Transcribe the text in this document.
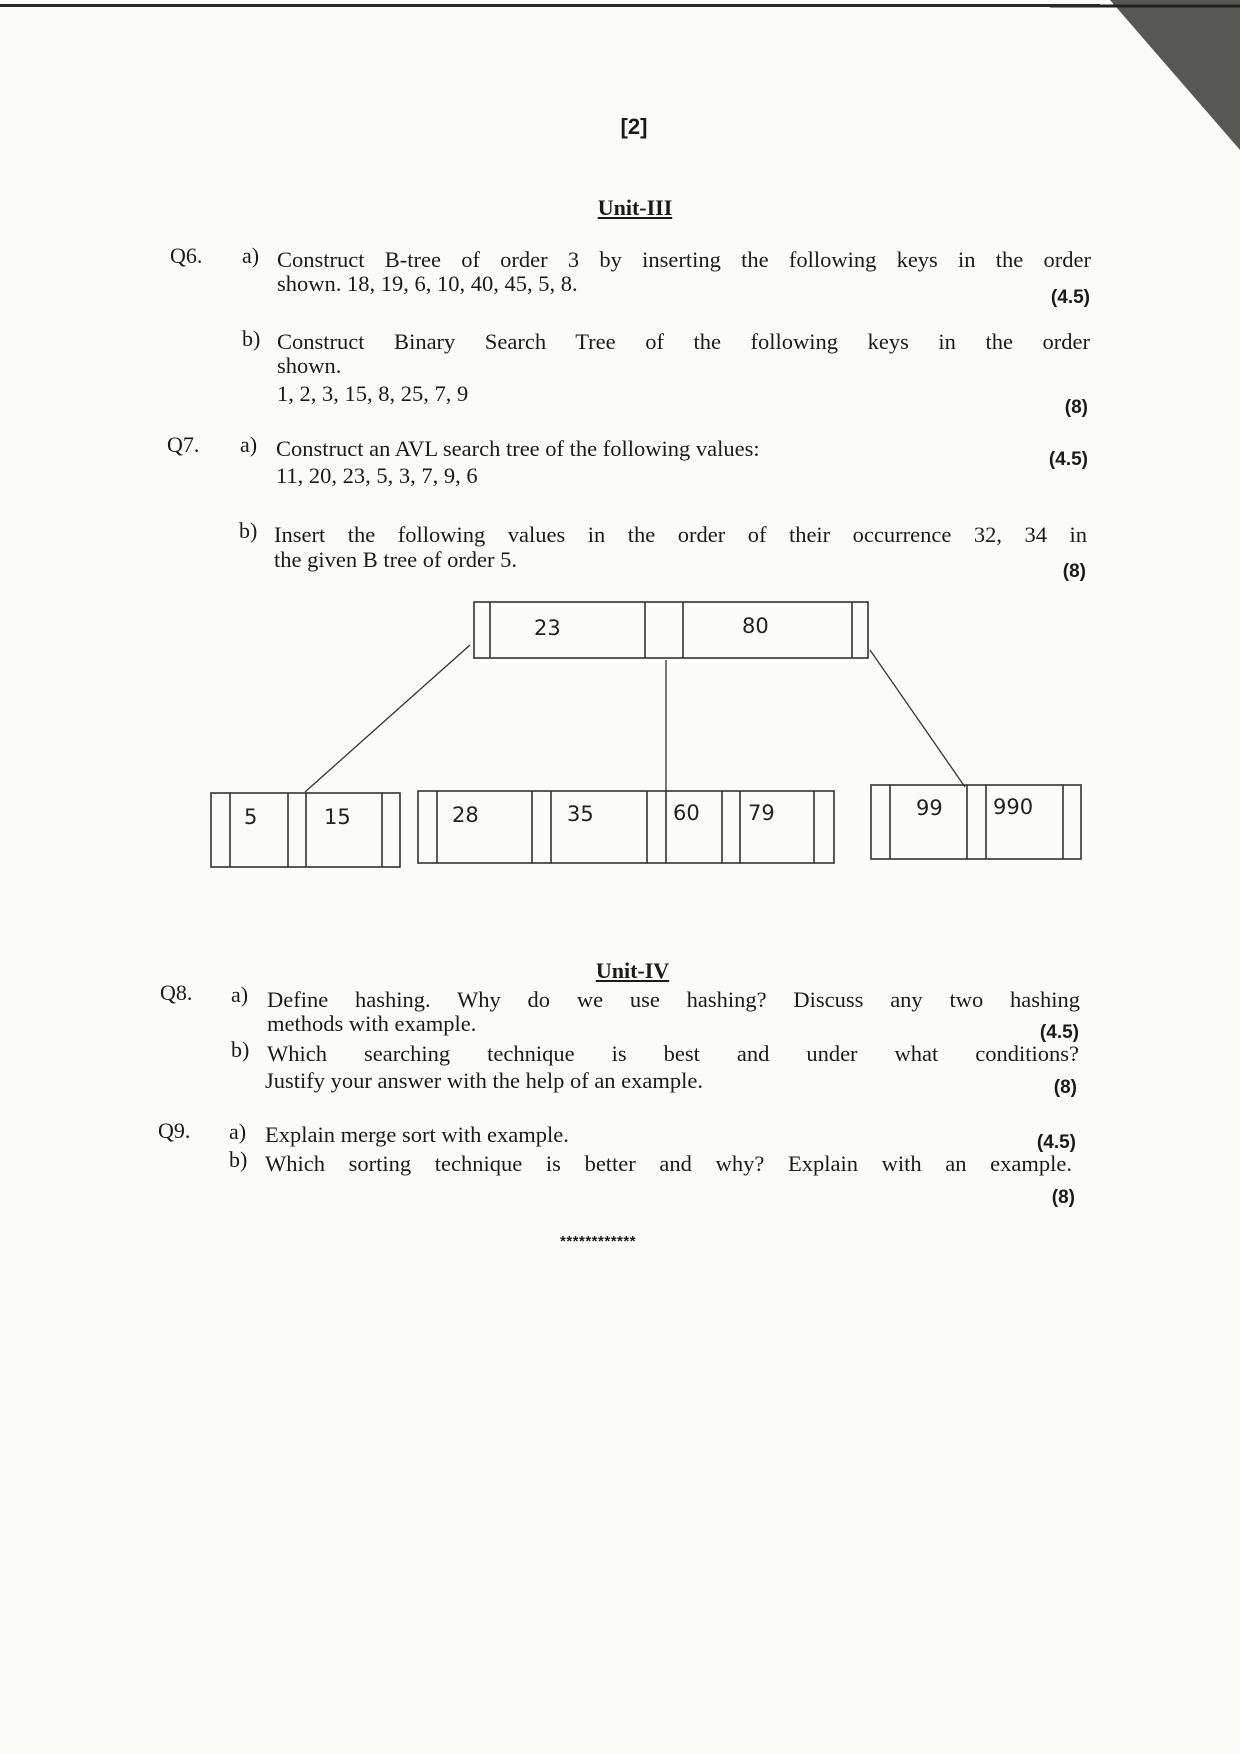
[2]
Unit-III
Q6. a) Construct B-tree of order 3 by inserting the following keys in the order
shown. 18, 19, 6, 10, 40, 45, 5, 8.
(4.5)
b) Construct Binary Search Tree of the following keys in the order
shown.
1, 2, 3, 15, 8, 25, 7, 9
(8)
Q7. a) Construct an AVL search tree of the following values:
11, 20, 23, 5, 3, 7, 9, 6
(4.5)
b) Insert the following values in the order of their occurrence 32, 34 in
the given B tree of order 5.	(8)
23	80
5	15	28	35	60 79	99 990
Unit-IV
Q8. a) Define hashing. Why do we use hashing? Discuss any two hashing
methods with example.	(4.5)
b) Which searching technique is best and under what conditions?
Justify your answer with the help of an example.	(8)
Q9. a) Explain merge sort with example.	(4.5)
b) Which sorting technique is better and why? Explain with an example.
(8)
************
